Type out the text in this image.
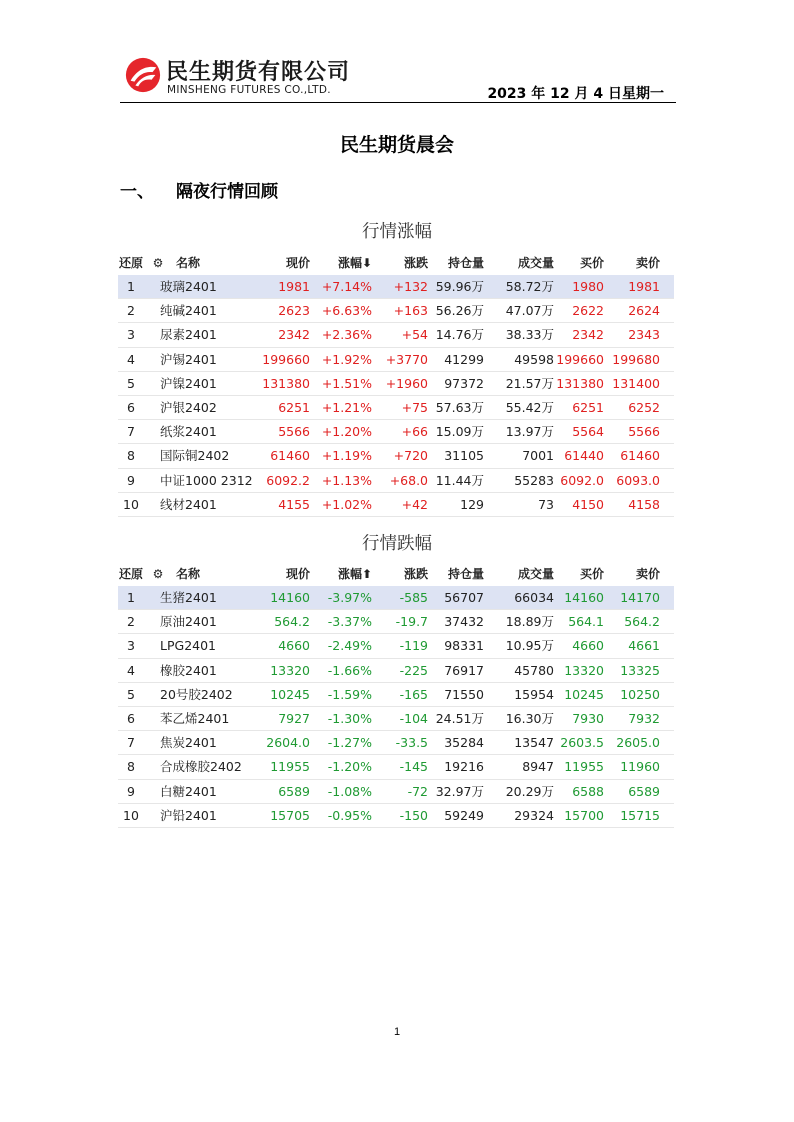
民生期货有限公司
MINSHENG FUTURES CO.,LTD.	2023 年 12 月 4 日星期一
民生期货晨会
一、 隔夜行情回顾
行情涨幅
还原 ⚙ 名称	现价 涨幅⬇	涨跌 持仓量	成交量 买价	卖价
1	玻璃2401	1981 +7.14% +132 59.96万 58.72万 1980 1981
2	纯碱2401	2623 +6.63% +163 56.26万 47.07万 2622 2624
3	尿素2401	2342 +2.36% +54 14.76万 38.33万 2342 2343
4	沪锡2401	199660 +1.92% +3770 41299 49598 199660 199680
5	沪镍2401	131380 +1.51% +1960 97372 21.57万 131380 131400
6	沪银2402	6251 +1.21% +75 57.63万 55.42万 6251 6252
7	纸浆2401	5566 +1.20% +66 15.09万 13.97万 5564 5566
8	国际铜2402	61460 +1.19% +720 31105	7001 61440 61460
9	中证1000 2312 6092.2 +1.13% +68.0 11.44万 55283 6092.0 6093.0
10	线材2401	4155 +1.02% +42	129	73 4150 4158
行情跌幅
还原 ⚙ 名称	现价 涨幅⬆	涨跌 持仓量	成交量 买价	卖价
1	生猪2401	14160 -3.97% -585 56707 66034 14160 14170
2	原油2401	564.2 -3.37% -19.7 37432 18.89万 564.1 564.2
3	LPG2401	4660 -2.49% -119 98331 10.95万 4660 4661
4	橡胶2401	13320 -1.66% -225 76917 45780 13320 13325
5	20号胶2402	10245 -1.59% -165 71550 15954 10245 10250
6	苯乙烯2401	7927 -1.30% -104 24.51万 16.30万 7930 7932
7	焦炭2401	2604.0 -1.27% -33.5 35284 13547 2603.5 2605.0
8	合成橡胶2402 11955 -1.20% -145 19216	8947 11955 11960
9	白糖2401	6589 -1.08%	-72 32.97万 20.29万 6588 6589
10	沪铅2401	15705 -0.95% -150 59249 29324 15700 15715
1
